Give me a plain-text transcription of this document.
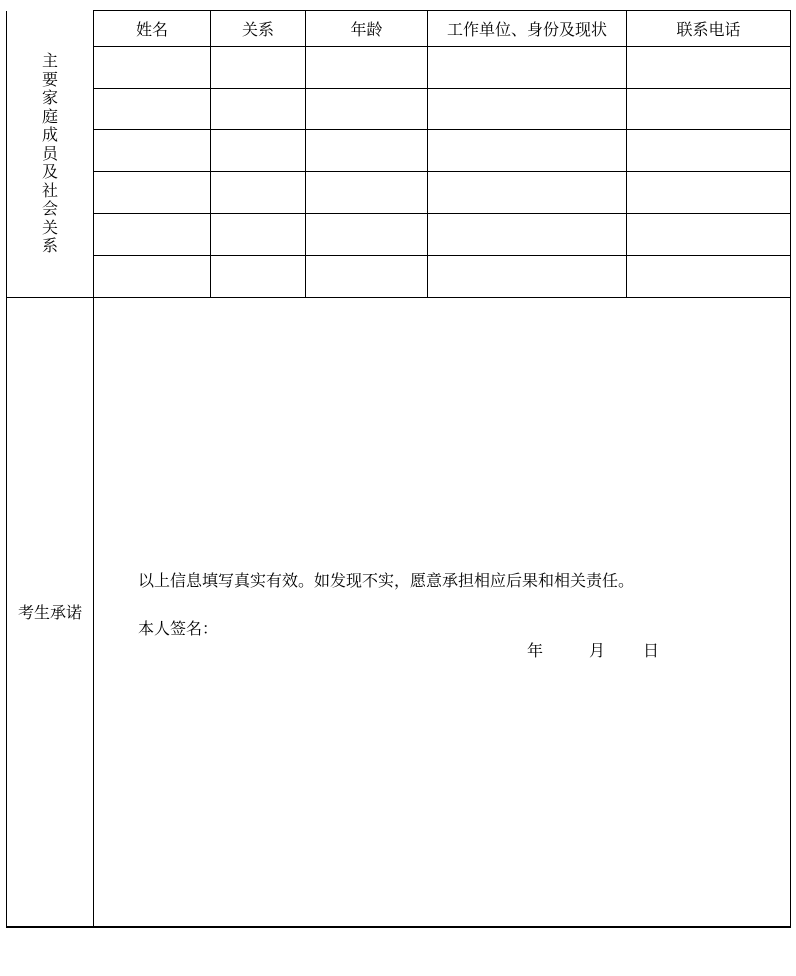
主要家庭成员及社会关系	姓名	关系	年龄	工作单位、身份及现状	联系电话

考生承诺	以上信息填写真实有效。如发现不实，愿意承担相应后果和相关责任。
本人签名：
年 月 日				
